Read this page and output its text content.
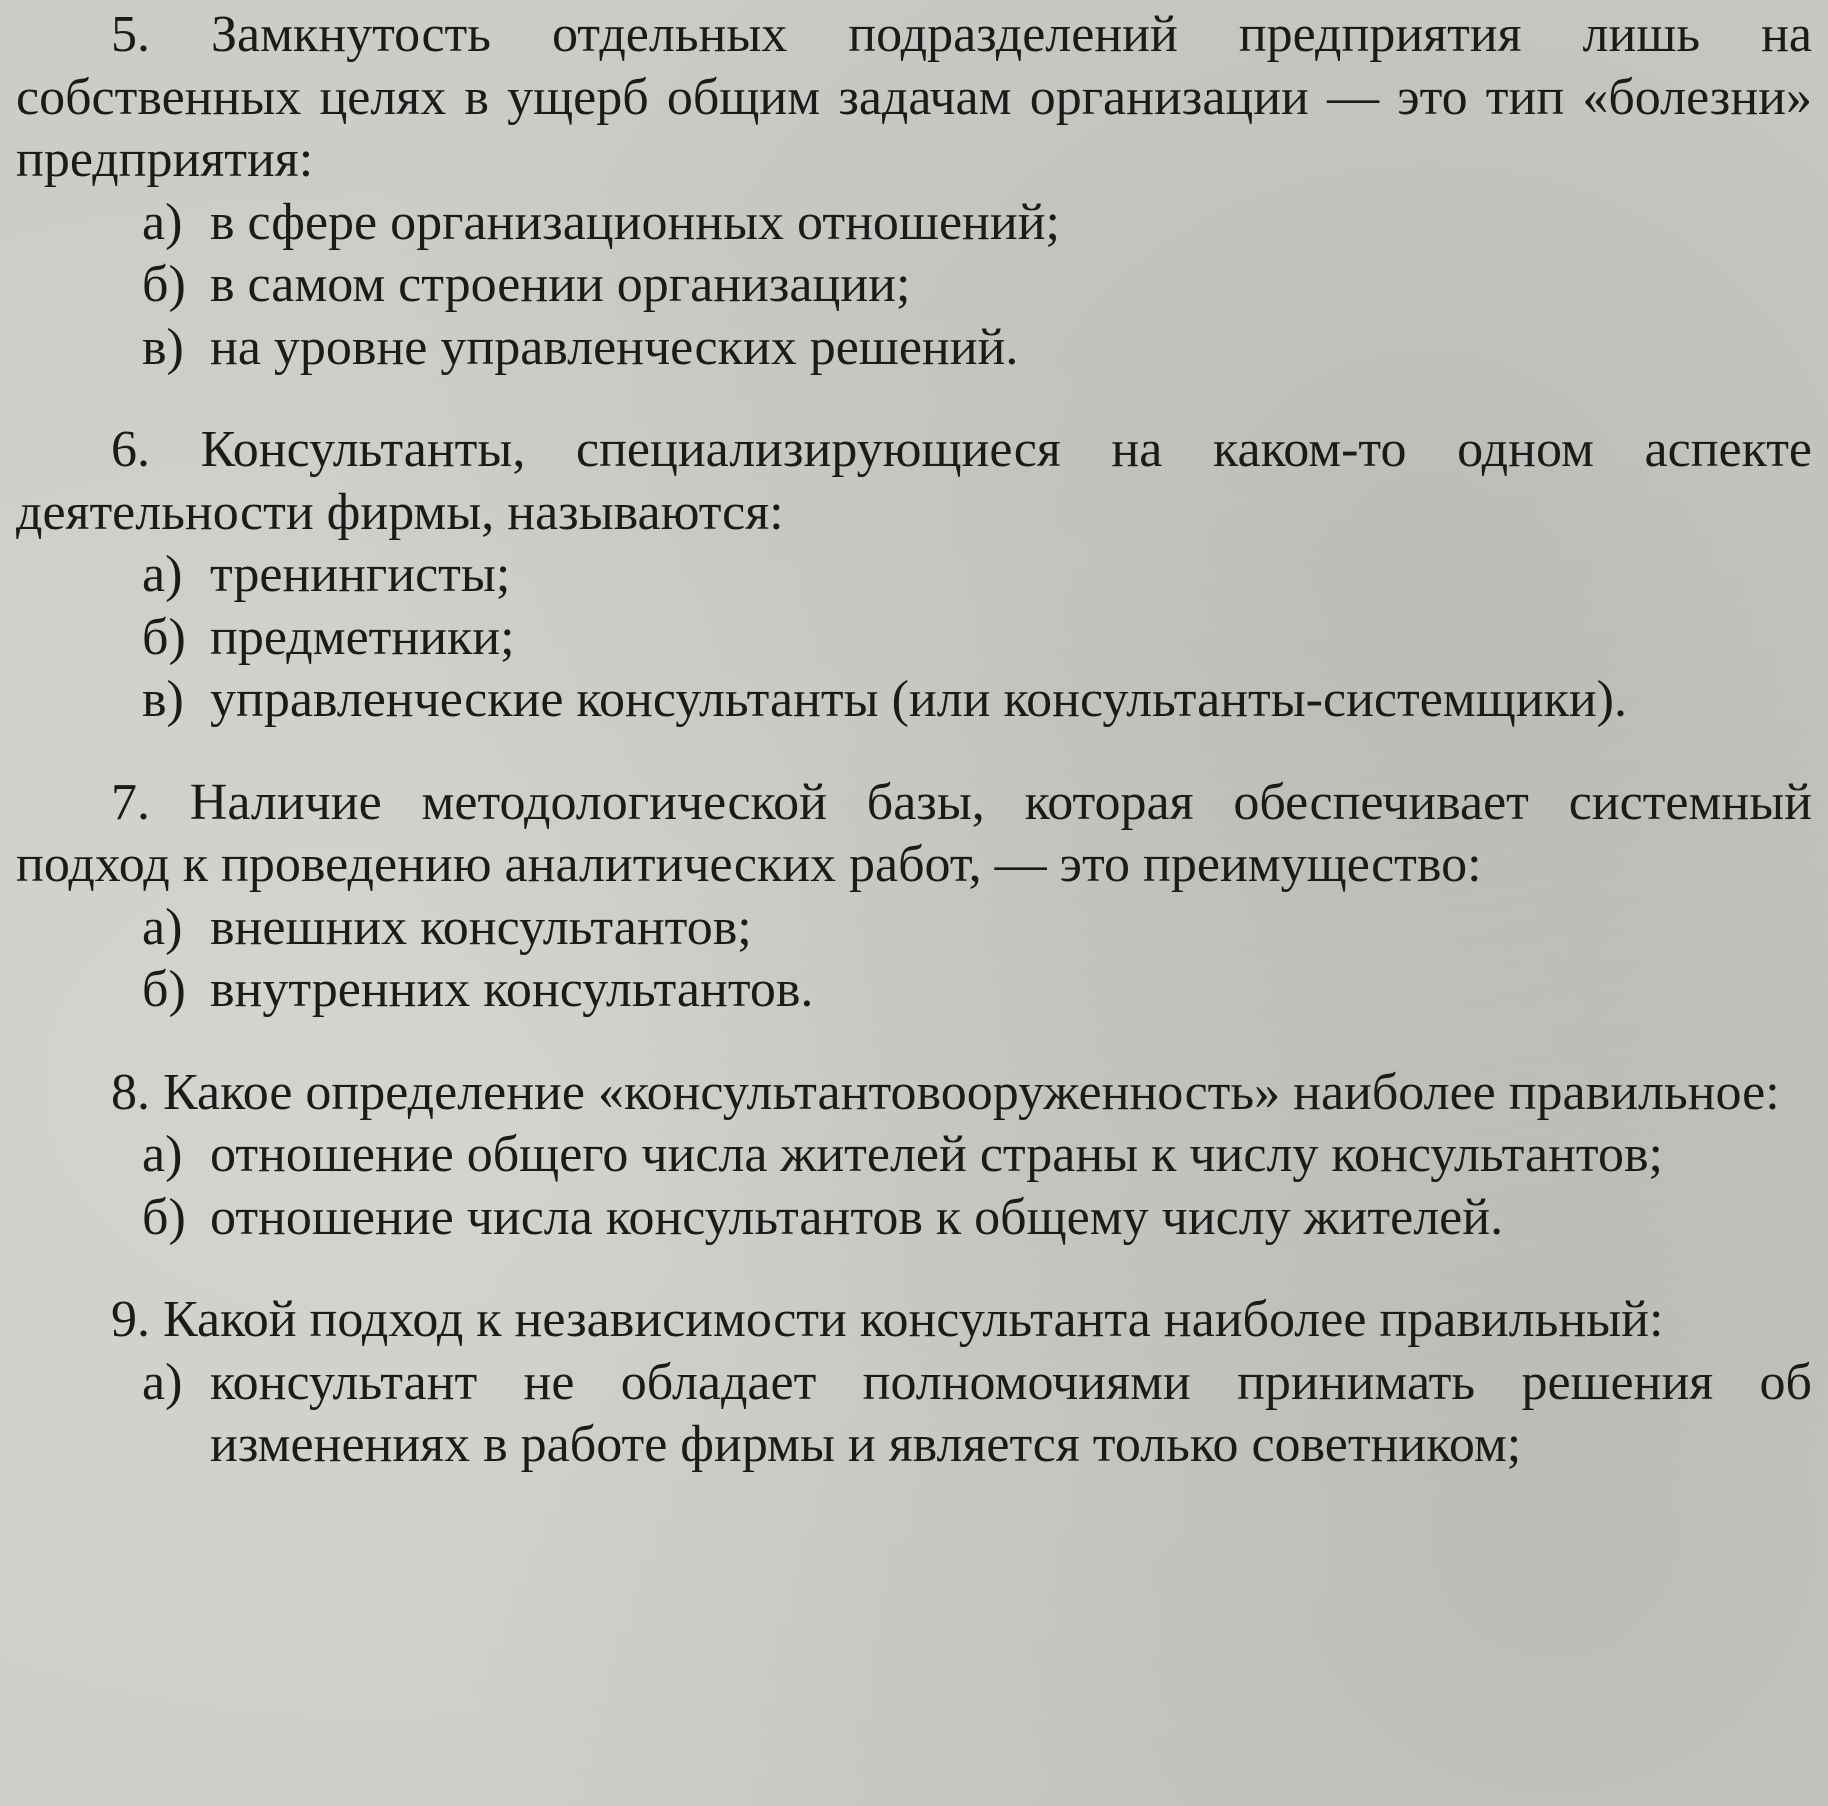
5. Замкнутость отдельных подразделений предприятия лишь на собственных целях в ущерб общим задачам организации — это тип «болезни» предприятия:

а) в сфере организационных отношений;
б) в самом строении организации;
в) на уровне управленческих решений.

6. Консультанты, специализирующиеся на каком-то одном аспекте деятельности фирмы, называются:

а) тренингисты;
б) предметники;
в) управленческие консультанты (или консультанты-системщики).

7. Наличие методологической базы, которая обеспечивает системный подход к проведению аналитических работ, — это преимущество:

а) внешних консультантов;
б) внутренних консультантов.

8. Какое определение «консультантовооруженность» наиболее правильное:

а) отношение общего числа жителей страны к числу консультантов;
б) отношение числа консультантов к общему числу жителей.

9. Какой подход к независимости консультанта наиболее правильный:

а) консультант не обладает полномочиями принимать решения об изменениях в работе фирмы и является только советником;
